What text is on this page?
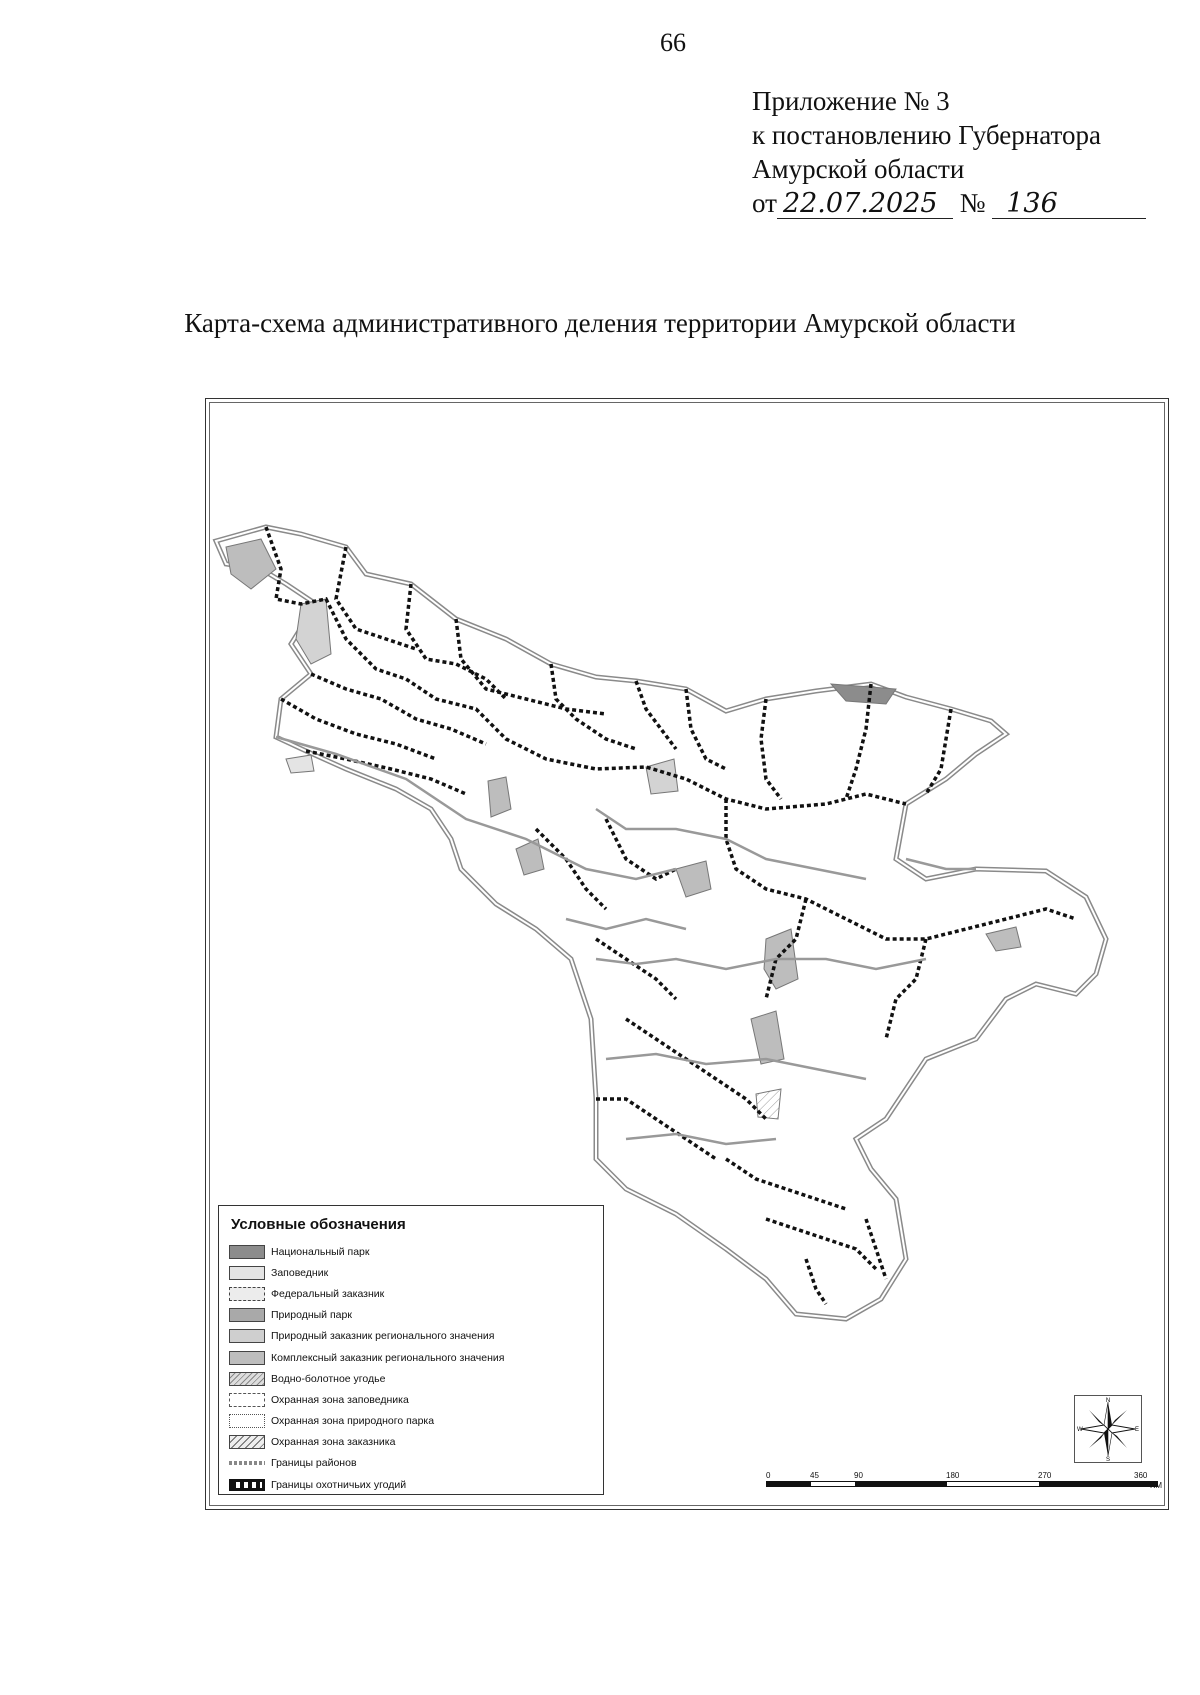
66
Приложение № 3
к постановлению Губернатора
Амурской области
от 22.07.2025 № 136
Карта-схема административного деления территории Амурской области
Условные обозначения
Национальный парк
Заповедник
Федеральный заказник
Природный парк
Природный заказник регионального значения
Комплексный заказник регионального значения
Водно-болотное угодье
Охранная зона заповедника
Охранная зона природного парка
Охранная зона заказника
Границы районов
Границы охотничьих угодий
N
S
E
W
0	45	90	180	270	360
KM
